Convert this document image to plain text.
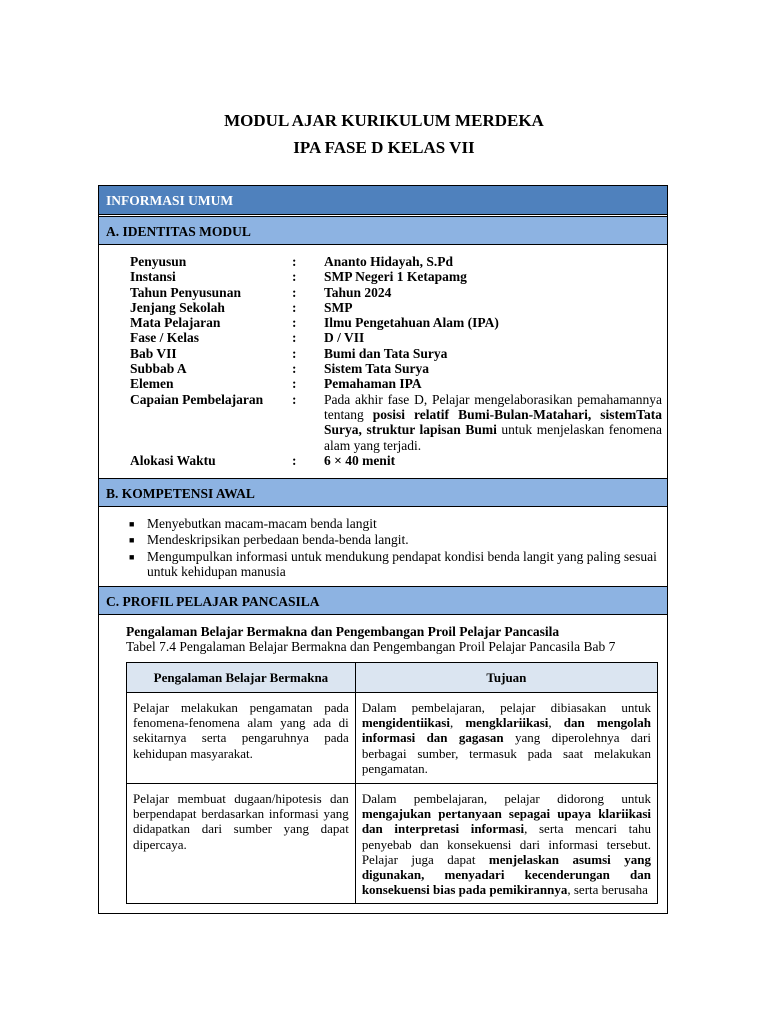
MODUL AJAR KURIKULUM MERDEKA
IPA FASE D KELAS VII
INFORMASI UMUM
A. IDENTITAS MODUL
Penyusun	:	Ananto Hidayah, S.Pd
Instansi	:	SMP Negeri 1 Ketapamg
Tahun Penyusunan	:	Tahun 2024
Jenjang Sekolah	:	SMP
Mata Pelajaran	:	Ilmu Pengetahuan Alam (IPA)
Fase / Kelas	:	D / VII
Bab VII	:	Bumi dan Tata Surya
Subbab A	:	Sistem Tata Surya
Elemen	:	Pemahaman IPA
Capaian Pembelajaran	:	Pada akhir fase D, Pelajar mengelaborasikan pemahamannya tentang posisi relatif Bumi-Bulan-Matahari, sistemTata Surya, struktur lapisan Bumi untuk menjelaskan fenomena alam yang terjadi.
Alokasi Waktu	:	6 × 40 menit
B. KOMPETENSI AWAL
■ Menyebutkan macam-macam benda langit
■ Mendeskripsikan perbedaan benda-benda langit.
■ Mengumpulkan informasi untuk mendukung pendapat kondisi benda langit yang paling sesuai untuk kehidupan manusia
C. PROFIL PELAJAR PANCASILA
Pengalaman Belajar Bermakna dan Pengembangan Proil Pelajar Pancasila
Tabel 7.4 Pengalaman Belajar Bermakna dan Pengembangan Proil Pelajar Pancasila Bab 7
Pengalaman Belajar Bermakna	Tujuan
Pelajar melakukan pengamatan pada fenomena-fenomena alam yang ada di sekitarnya serta pengaruhnya pada kehidupan masyarakat.	Dalam pembelajaran, pelajar dibiasakan untuk mengidentiikasi, mengklariikasi, dan mengolah informasi dan gagasan yang diperolehnya dari berbagai sumber, termasuk pada saat melakukan pengamatan.
Pelajar membuat dugaan/hipotesis dan berpendapat berdasarkan informasi yang didapatkan dari sumber yang dapat dipercaya.	Dalam pembelajaran, pelajar didorong untuk mengajukan pertanyaan sepagai upaya klariikasi dan interpretasi informasi, serta mencari tahu penyebab dan konsekuensi dari informasi tersebut. Pelajar juga dapat menjelaskan asumsi yang digunakan, menyadari kecenderungan dan konsekuensi bias pada pemikirannya, serta berusaha
